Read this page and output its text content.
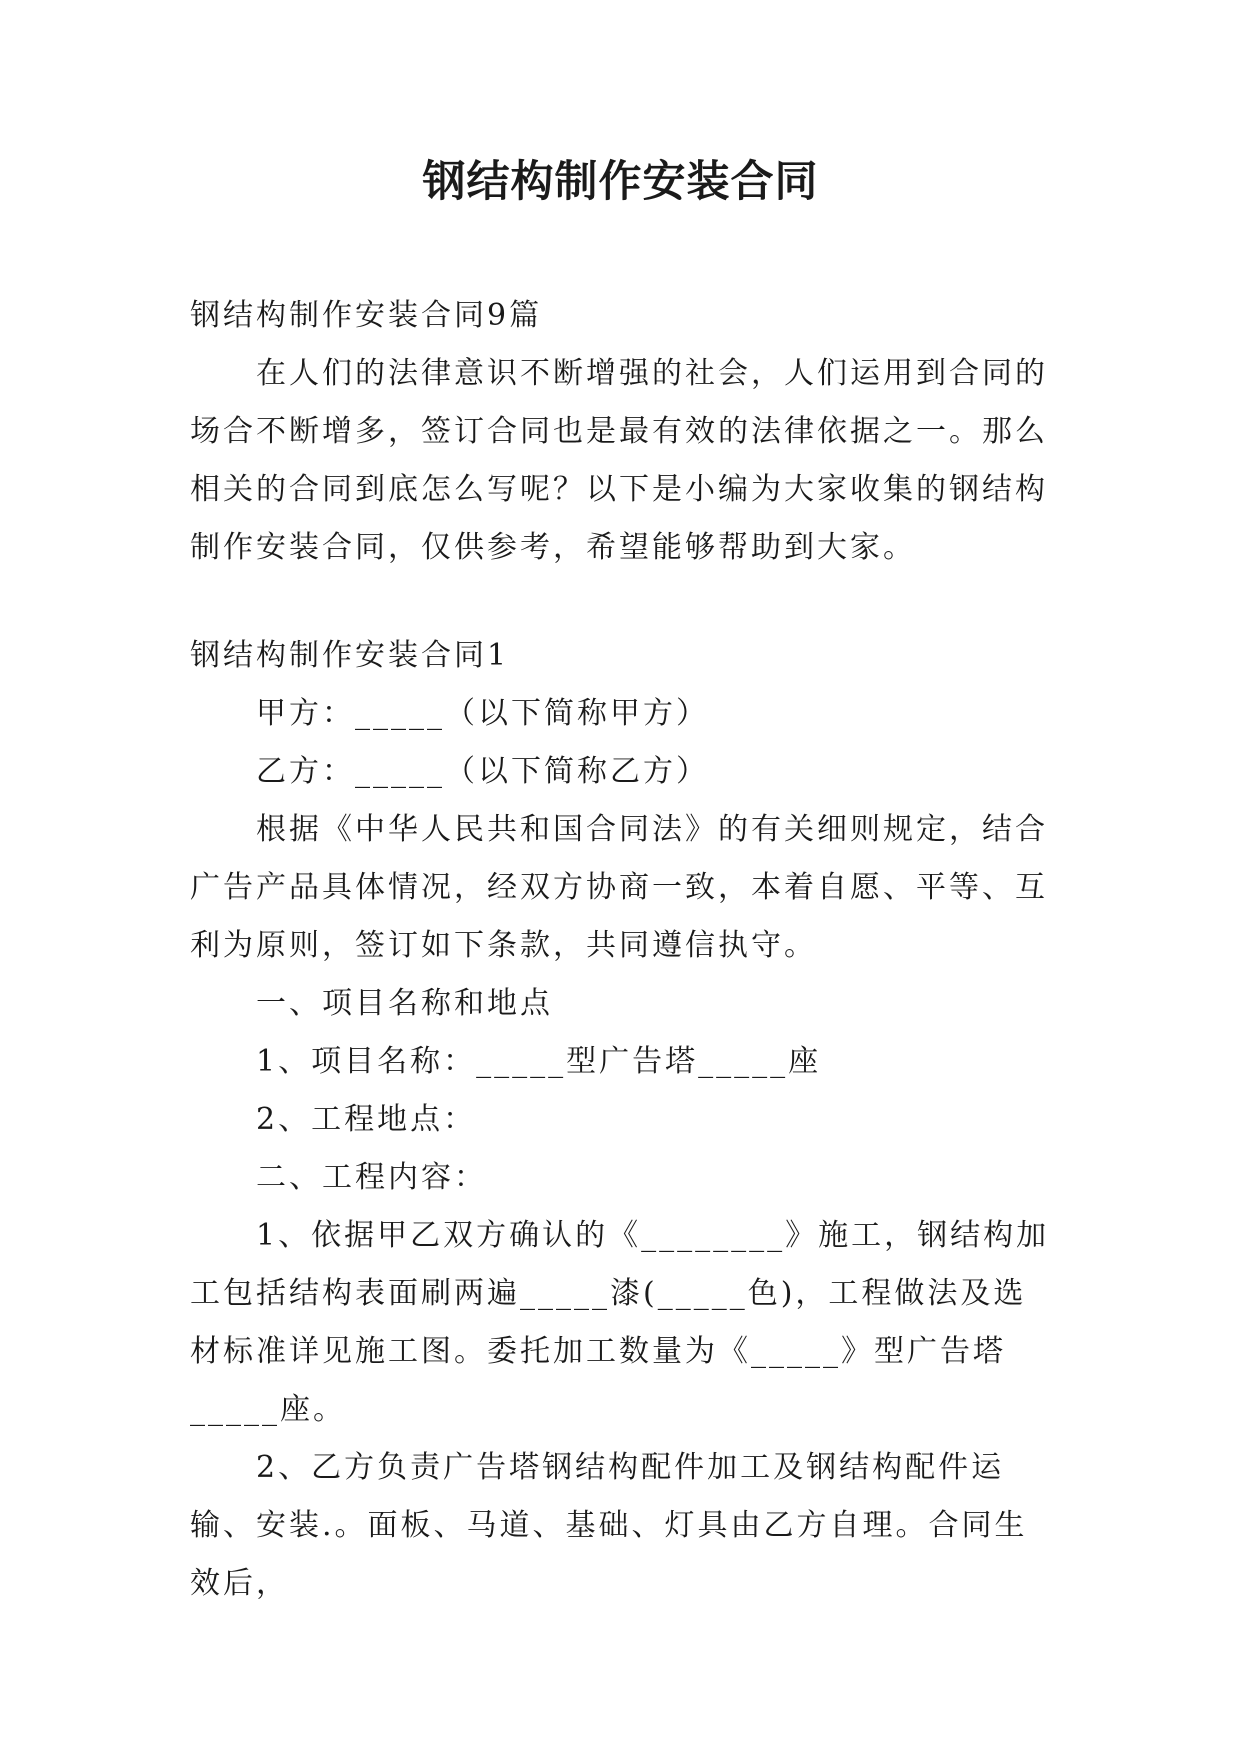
钢结构制作安装合同

钢结构制作安装合同9篇

在人们的法律意识不断增强的社会，人们运用到合同的场合不断增多，签订合同也是最有效的法律依据之一。那么相关的合同到底怎么写呢？以下是小编为大家收集的钢结构制作安装合同，仅供参考，希望能够帮助到大家。

钢结构制作安装合同1

甲方：_____（以下简称甲方）

乙方：_____（以下简称乙方）

根据《中华人民共和国合同法》的有关细则规定，结合广告产品具体情况，经双方协商一致，本着自愿、平等、互利为原则，签订如下条款，共同遵信执守。

一、项目名称和地点

1、项目名称：_____型广告塔_____座

2、工程地点：

二、工程内容：

1、依据甲乙双方确认的《________》施工，钢结构加工包括结构表面刷两遍_____漆(_____色)，工程做法及选材标准详见施工图。委托加工数量为《_____》型广告塔_____座。

2、乙方负责广告塔钢结构配件加工及钢结构配件运输、安装.。面板、马道、基础、灯具由乙方自理。合同生效后，
